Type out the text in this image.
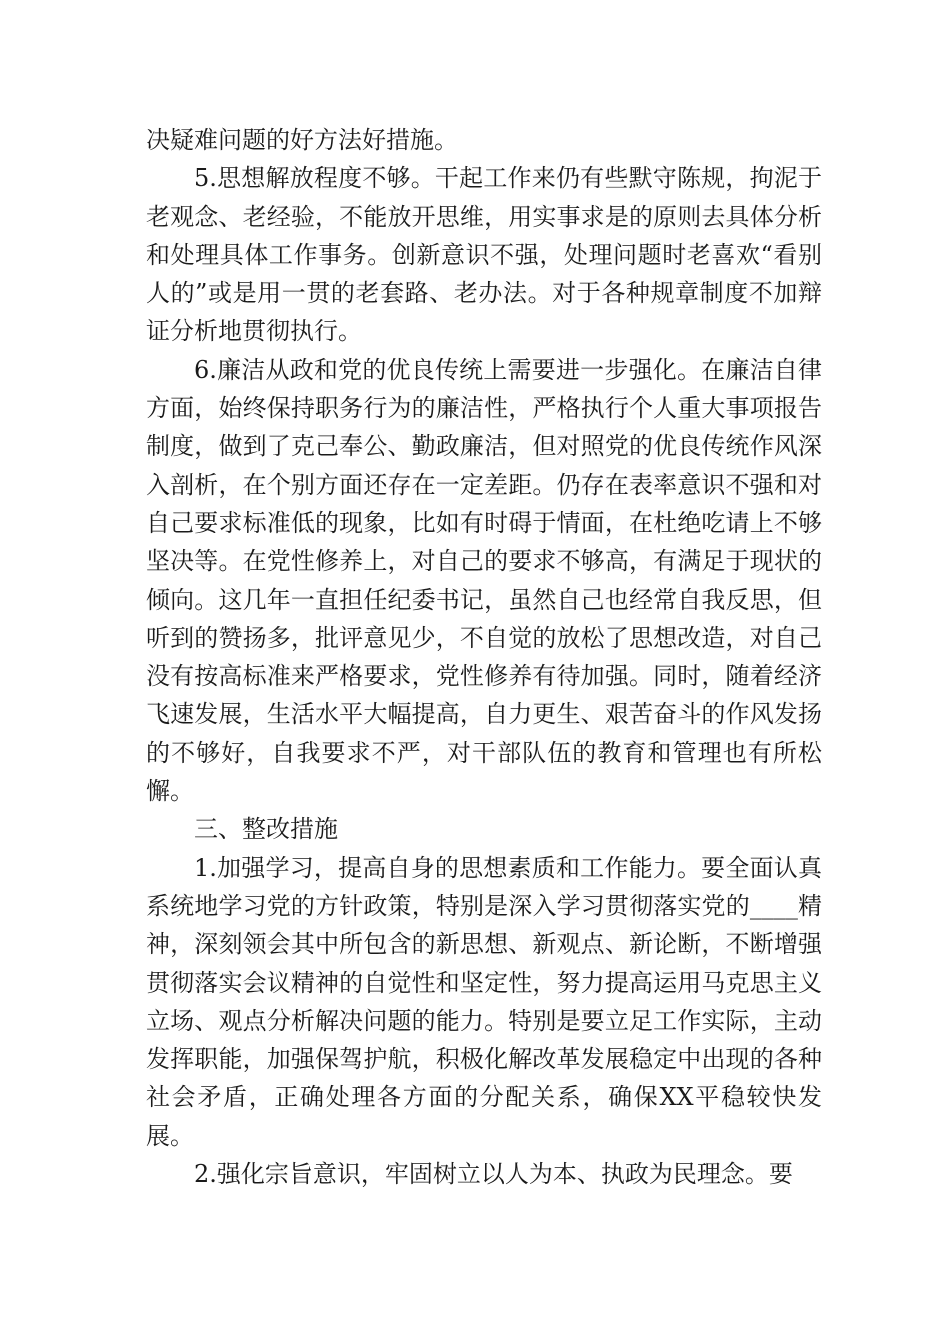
决疑难问题的好方法好措施。

5.思想解放程度不够。干起工作来仍有些默守陈规，拘泥于老观念、老经验，不能放开思维，用实事求是的原则去具体分析和处理具体工作事务。创新意识不强，处理问题时老喜欢“看别人的”或是用一贯的老套路、老办法。对于各种规章制度不加辩证分析地贯彻执行。

6.廉洁从政和党的优良传统上需要进一步强化。在廉洁自律方面，始终保持职务行为的廉洁性，严格执行个人重大事项报告制度，做到了克己奉公、勤政廉洁，但对照党的优良传统作风深入剖析，在个别方面还存在一定差距。仍存在表率意识不强和对自己要求标准低的现象，比如有时碍于情面，在杜绝吃请上不够坚决等。在党性修养上，对自己的要求不够高，有满足于现状的倾向。这几年一直担任纪委书记，虽然自己也经常自我反思，但听到的赞扬多，批评意见少，不自觉的放松了思想改造，对自己没有按高标准来严格要求，党性修养有待加强。同时，随着经济飞速发展，生活水平大幅提高，自力更生、艰苦奋斗的作风发扬的不够好，自我要求不严，对干部队伍的教育和管理也有所松懈。

三、整改措施

1.加强学习，提高自身的思想素质和工作能力。要全面认真系统地学习党的方针政策，特别是深入学习贯彻落实党的____精神，深刻领会其中所包含的新思想、新观点、新论断，不断增强贯彻落实会议精神的自觉性和坚定性，努力提高运用马克思主义立场、观点分析解决问题的能力。特别是要立足工作实际，主动发挥职能，加强保驾护航，积极化解改革发展稳定中出现的各种社会矛盾，正确处理各方面的分配关系，确保XX平稳较快发展。

2.强化宗旨意识，牢固树立以人为本、执政为民理念。要
